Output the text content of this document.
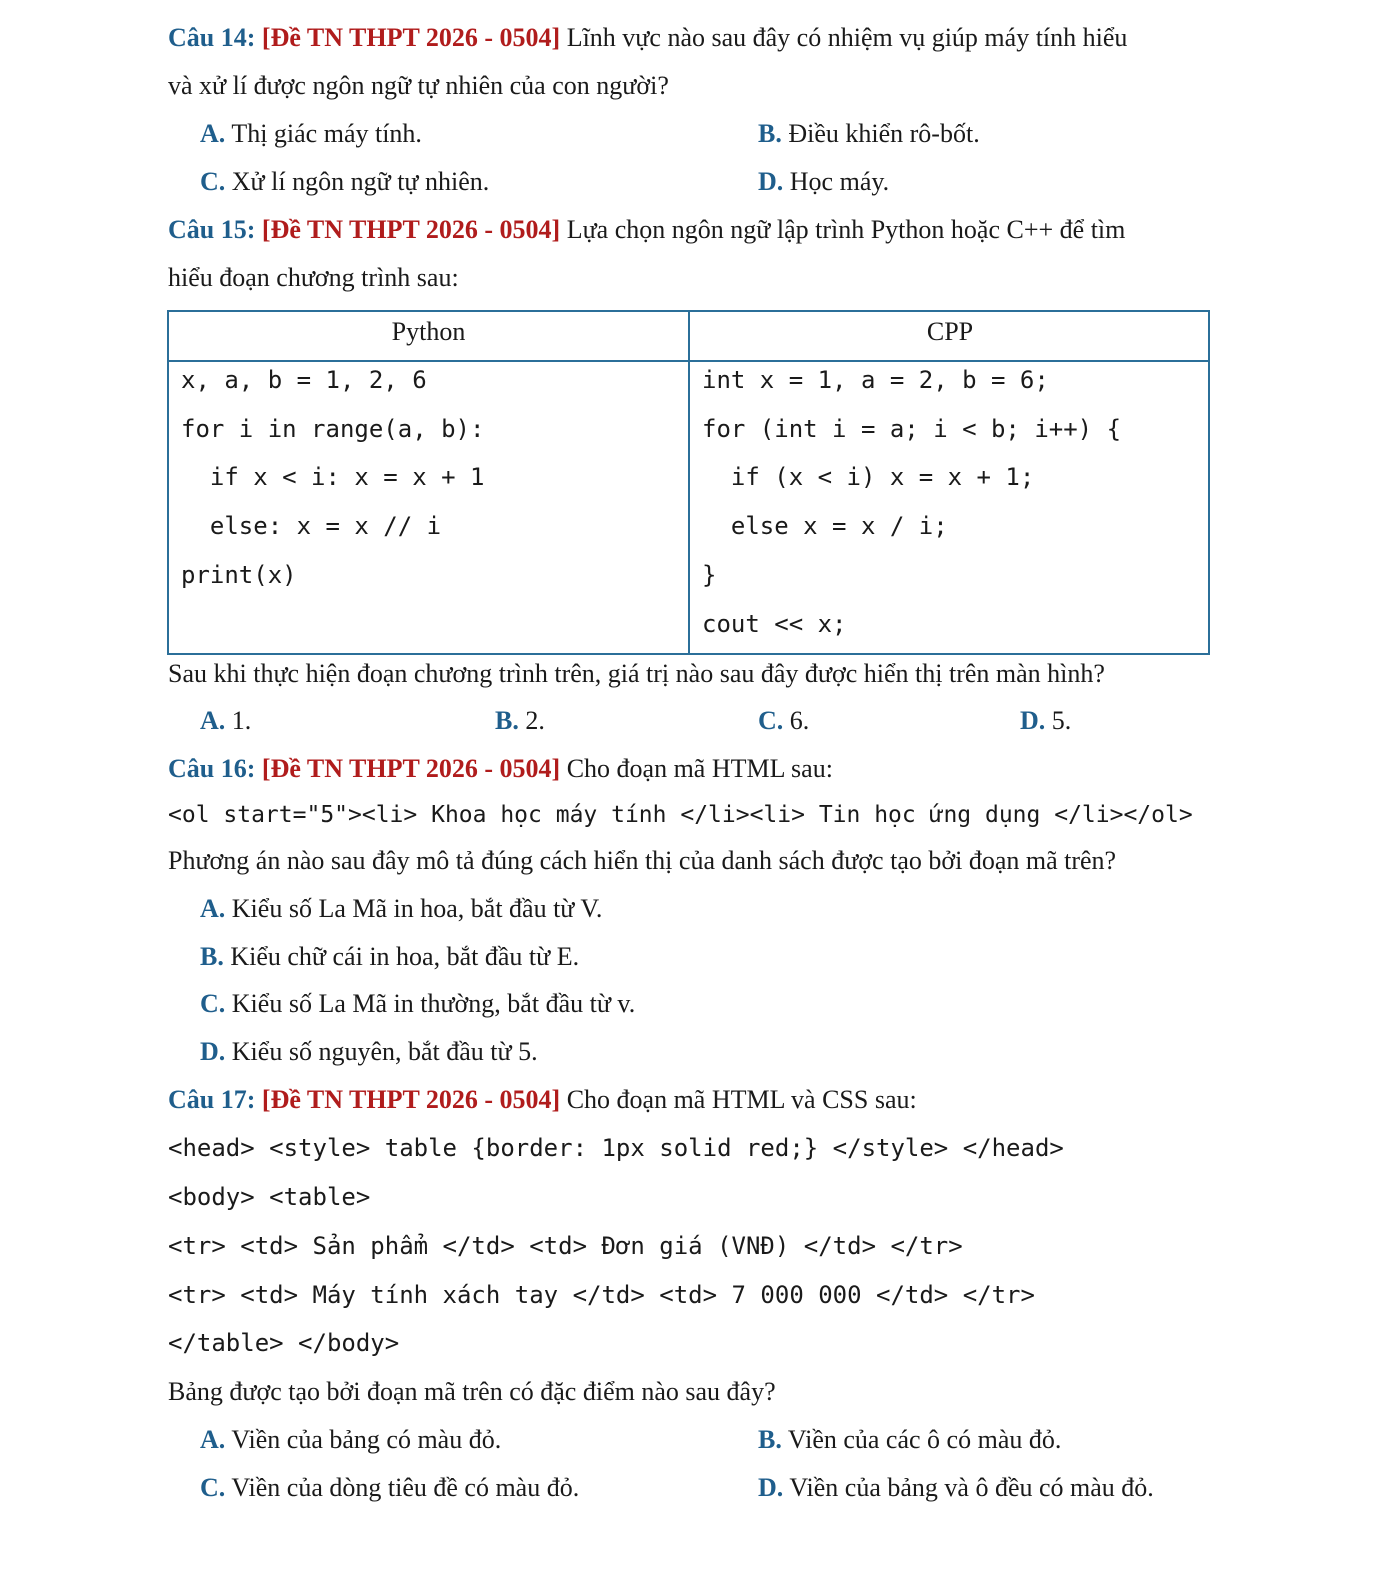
Câu 14: [Đề TN THPT 2026 - 0504] Lĩnh vực nào sau đây có nhiệm vụ giúp máy tính hiểu
và xử lí được ngôn ngữ tự nhiên của con người?
A. Thị giác máy tính.	B. Điều khiển rô-bốt.
C. Xử lí ngôn ngữ tự nhiên.	D. Học máy.
Câu 15: [Đề TN THPT 2026 - 0504] Lựa chọn ngôn ngữ lập trình Python hoặc C++ để tìm
hiểu đoạn chương trình sau:
Python	CPP
x, a, b = 1, 2, 6
for i in range(a, b):
if x < i: x = x + 1
else: x = x // i
print(x)
int x = 1, a = 2, b = 6;
for (int i = a; i < b; i++) {
if (x < i) x = x + 1;
else x = x / i;
}
cout << x;
Sau khi thực hiện đoạn chương trình trên, giá trị nào sau đây được hiển thị trên màn hình?
A. 1.	B. 2.	C. 6.	D. 5.
Câu 16: [Đề TN THPT 2026 - 0504] Cho đoạn mã HTML sau:
<ol start="5"><li> Khoa học máy tính </li><li> Tin học ứng dụng </li></ol>
Phương án nào sau đây mô tả đúng cách hiển thị của danh sách được tạo bởi đoạn mã trên?
A. Kiểu số La Mã in hoa, bắt đầu từ V.
B. Kiểu chữ cái in hoa, bắt đầu từ E.
C. Kiểu số La Mã in thường, bắt đầu từ v.
D. Kiểu số nguyên, bắt đầu từ 5.
Câu 17: [Đề TN THPT 2026 - 0504] Cho đoạn mã HTML và CSS sau:
<head> <style> table {border: 1px solid red;} </style> </head>
<body> <table>
<tr> <td> Sản phẩm </td> <td> Đơn giá (VNĐ) </td> </tr>
<tr> <td> Máy tính xách tay </td> <td> 7 000 000 </td> </tr>
</table> </body>
Bảng được tạo bởi đoạn mã trên có đặc điểm nào sau đây?
A. Viền của bảng có màu đỏ.	B. Viền của các ô có màu đỏ.
C. Viền của dòng tiêu đề có màu đỏ.	D. Viền của bảng và ô đều có màu đỏ.
